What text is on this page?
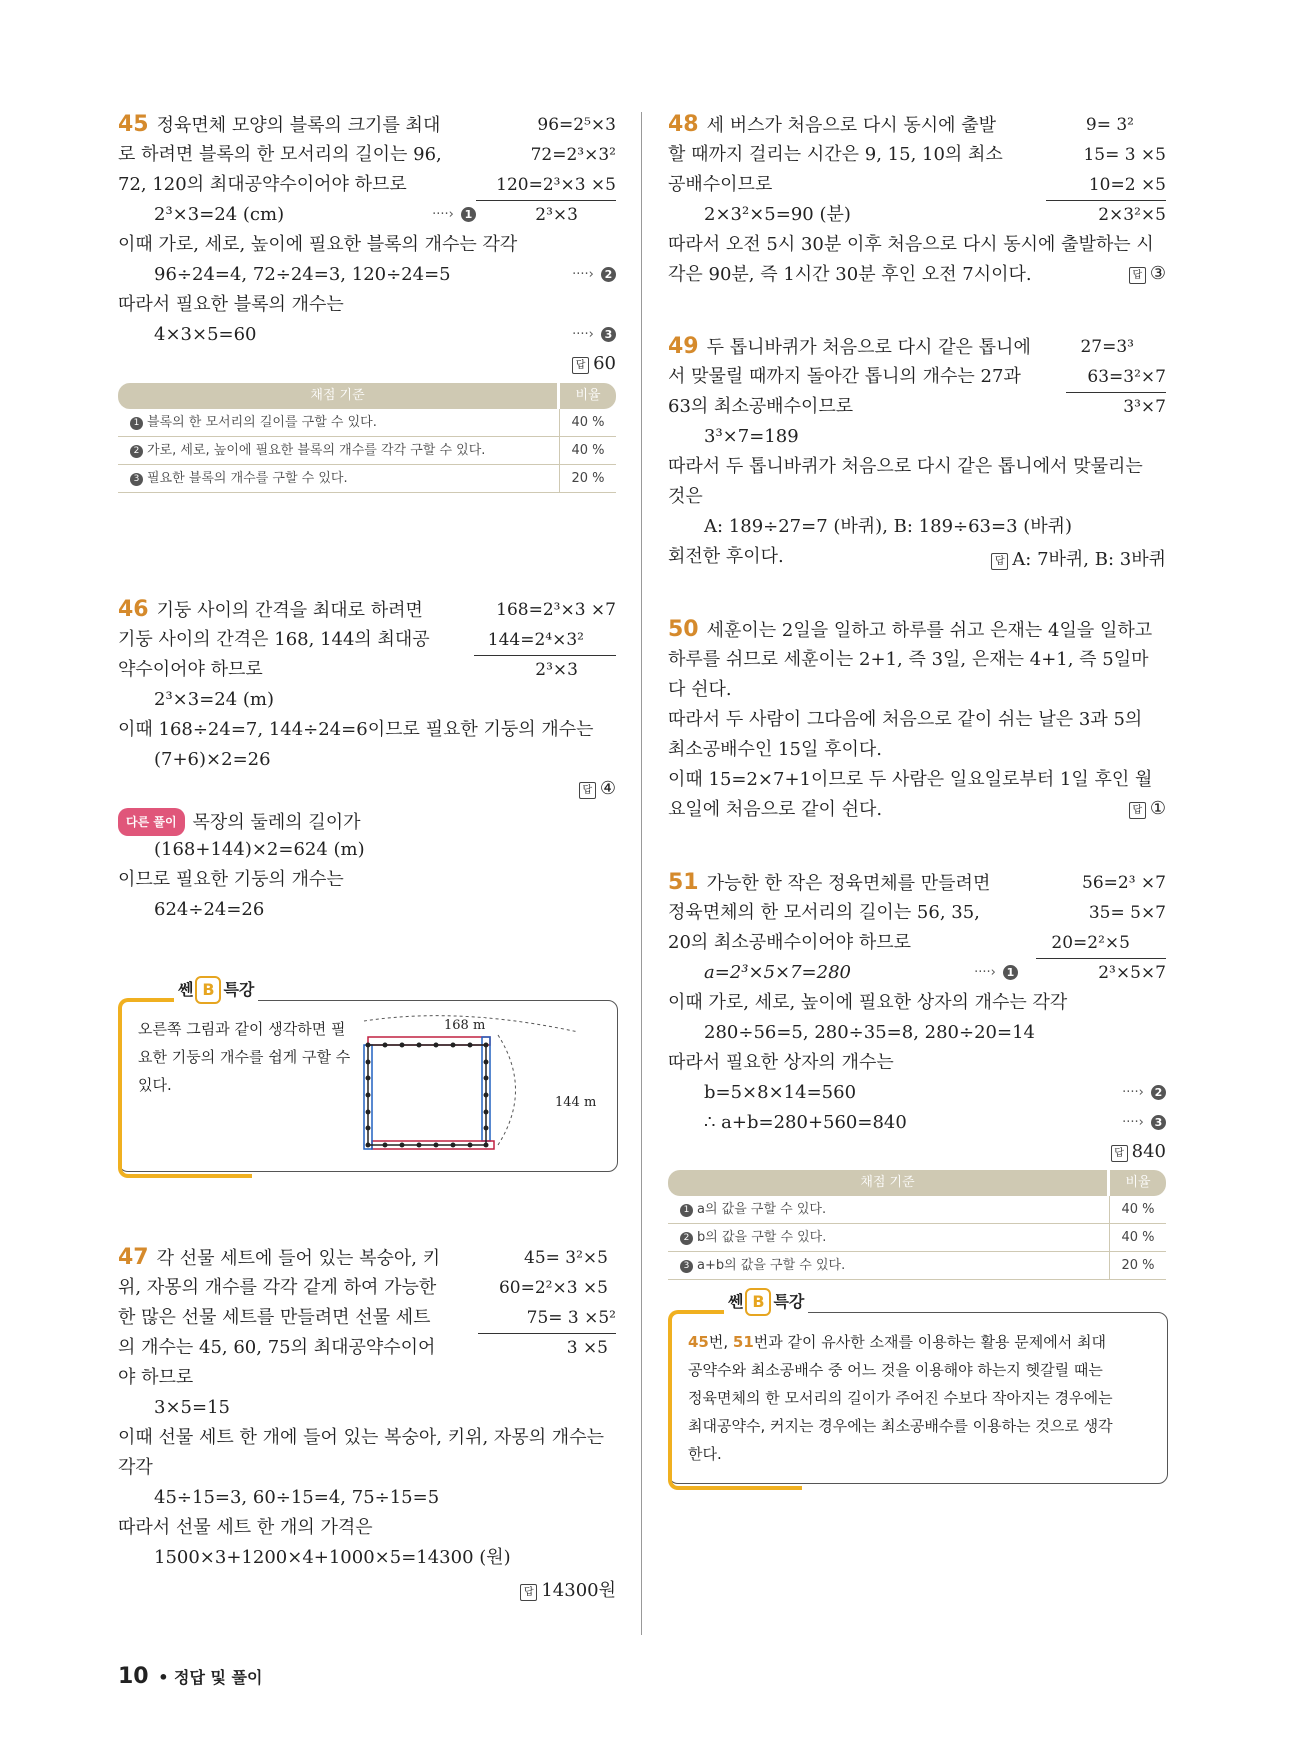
45 정육면체 모양의 블록의 크기를 최대
로 하려면 블록의 한 모서리의 길이는 96,
72, 120의 최대공약수이어야 하므로
2³×3=24 (cm)
이때 가로, 세로, 높이에 필요한 블록의 개수는 각각
96÷24=4, 72÷24=3, 120÷24=5
따라서 필요한 블록의 개수는
4×3×5=60
96=2⁵×3
72=2³×3²
120=2³×3 ×5
2³×3
····› 1
····› 2
····› 3
답 60
채점 기준	비율
1 블록의 한 모서리의 길이를 구할 수 있다.	40 %
2 가로, 세로, 높이에 필요한 블록의 개수를 각각 구할 수 있다.	40 %
3 필요한 블록의 개수를 구할 수 있다.	20 %
46 기둥 사이의 간격을 최대로 하려면
기둥 사이의 간격은 168, 144의 최대공
약수이어야 하므로
2³×3=24 (m)
이때 168÷24=7, 144÷24=6이므로 필요한 기둥의 개수는
(7+6)×2=26
168=2³×3 ×7
144=2⁴×3²
2³×3
답 ④
다른 풀이 목장의 둘레의 길이가
(168+144)×2=624 (m)
이므로 필요한 기둥의 개수는
624÷24=26
쎈 B 특강
오른쪽 그림과 같이 생각하면 필
요한 기둥의 개수를 쉽게 구할 수
있다.
168 m
144 m
47 각 선물 세트에 들어 있는 복숭아, 키
위, 자몽의 개수를 각각 같게 하여 가능한
한 많은 선물 세트를 만들려면 선물 세트
의 개수는 45, 60, 75의 최대공약수이어
야 하므로
3×5=15
이때 선물 세트 한 개에 들어 있는 복숭아, 키위, 자몽의 개수는
각각
45÷15=3, 60÷15=4, 75÷15=5
따라서 선물 세트 한 개의 가격은
1500×3+1200×4+1000×5=14300 (원)
45= 3²×5
60=2²×3 ×5
75= 3 ×5²
3 ×5
답 14300원
48 세 버스가 처음으로 다시 동시에 출발
할 때까지 걸리는 시간은 9, 15, 10의 최소
공배수이므로
2×3²×5=90 (분)
따라서 오전 5시 30분 이후 처음으로 다시 동시에 출발하는 시
각은 90분, 즉 1시간 30분 후인 오전 7시이다.
9= 3²
15= 3 ×5
10=2 ×5
2×3²×5
답 ③
49 두 톱니바퀴가 처음으로 다시 같은 톱니에
서 맞물릴 때까지 돌아간 톱니의 개수는 27과
63의 최소공배수이므로
3³×7=189
따라서 두 톱니바퀴가 처음으로 다시 같은 톱니에서 맞물리는
것은
A: 189÷27=7 (바퀴), B: 189÷63=3 (바퀴)
회전한 후이다.
27=3³
63=3²×7
3³×7
답 A: 7바퀴, B: 3바퀴
50 세훈이는 2일을 일하고 하루를 쉬고 은재는 4일을 일하고
하루를 쉬므로 세훈이는 2+1, 즉 3일, 은재는 4+1, 즉 5일마
다 쉰다.
따라서 두 사람이 그다음에 처음으로 같이 쉬는 날은 3과 5의
최소공배수인 15일 후이다.
이때 15=2×7+1이므로 두 사람은 일요일로부터 1일 후인 월
요일에 처음으로 같이 쉰다.	답 ①
51 가능한 한 작은 정육면체를 만들려면
정육면체의 한 모서리의 길이는 56, 35,
20의 최소공배수이어야 하므로
a=2³×5×7=280
이때 가로, 세로, 높이에 필요한 상자의 개수는 각각
280÷56=5, 280÷35=8, 280÷20=14
따라서 필요한 상자의 개수는
b=5×8×14=560
∴ a+b=280+560=840
56=2³ ×7
35= 5×7
20=2²×5
2³×5×7
····› 1
····› 2
····› 3
답 840
채점 기준	비율
1 a의 값을 구할 수 있다.	40 %
2 b의 값을 구할 수 있다.	40 %
3 a+b의 값을 구할 수 있다.	20 %
쎈 B 특강
45번, 51번과 같이 유사한 소재를 이용하는 활용 문제에서 최대
공약수와 최소공배수 중 어느 것을 이용해야 하는지 헷갈릴 때는
정육면체의 한 모서리의 길이가 주어진 수보다 작아지는 경우에는
최대공약수, 커지는 경우에는 최소공배수를 이용하는 것으로 생각
한다.
10 • 정답 및 풀이
